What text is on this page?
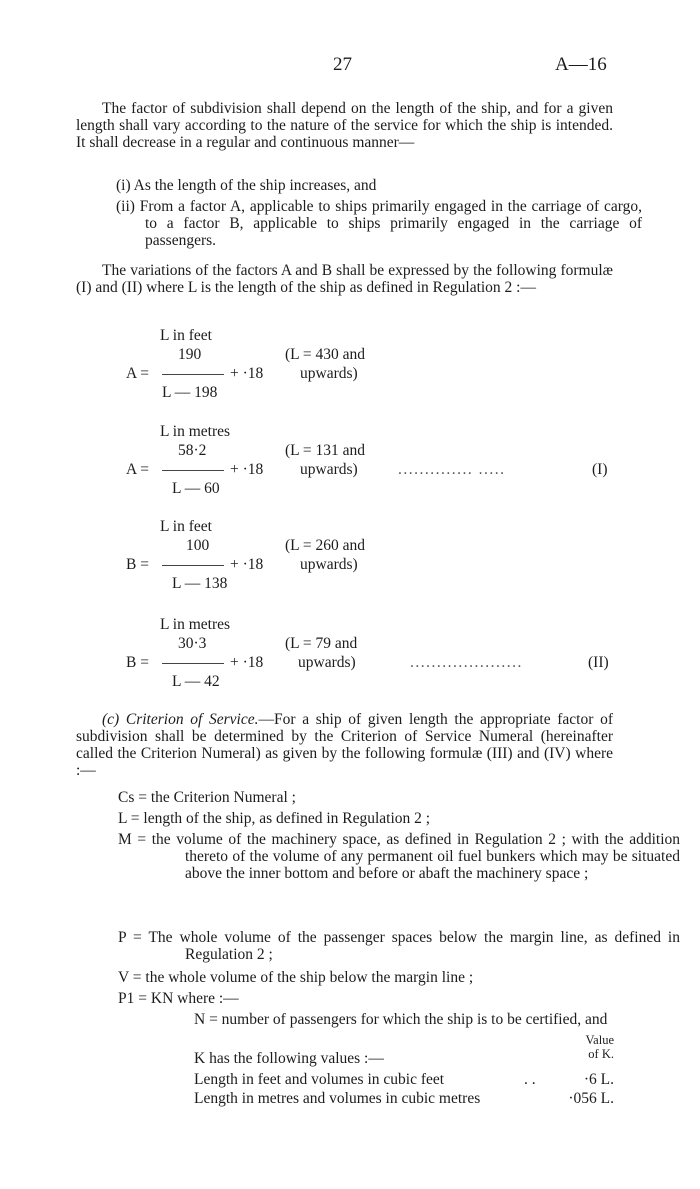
27	A—16
The factor of subdivision shall depend on the length of the ship, and for a given length shall vary according to the nature of the service for which the ship is intended. It shall decrease in a regular and continuous manner—
(i) As the length of the ship increases, and
(ii) From a factor A, applicable to ships primarily engaged in the carriage of cargo, to a factor B, applicable to ships primarily engaged in the carriage of passengers.
The variations of the factors A and B shall be expressed by the following formulæ (I) and (II) where L is the length of the ship as defined in Regulation 2 :—
L in feet
190	(L = 430 and
A =	+ ·18 upwards)
L — 198
L in metres
58·2	(L = 131 and
A =	+ ·18 upwards)	.............. .....	(I)
L — 60
L in feet
100	(L = 260 and
B =	+ ·18 upwards)
L — 138
L in metres
30·3	(L = 79 and
B =	+ ·18 upwards)	.....................	(II)
L — 42
(c) Criterion of Service.—For a ship of given length the appropriate factor of subdivision shall be determined by the Criterion of Service Numeral (hereinafter called the Criterion Numeral) as given by the following formulæ (III) and (IV) where :—
Cs = the Criterion Numeral ;
L = length of the ship, as defined in Regulation 2 ;
M = the volume of the machinery space, as defined in Regulation 2 ; with the addition thereto of the volume of any permanent oil fuel bunkers which may be situated above the inner bottom and before or abaft the machinery space ;
P = The whole volume of the passenger spaces below the margin line, as defined in Regulation 2 ;
V = the whole volume of the ship below the margin line ;
P1 = KN where :—
N = number of passengers for which the ship is to be certified, and
Value
of K.
K has the following values :—
Length in feet and volumes in cubic feet	. .	·6 L.
Length in metres and volumes in cubic metres	·056 L.
